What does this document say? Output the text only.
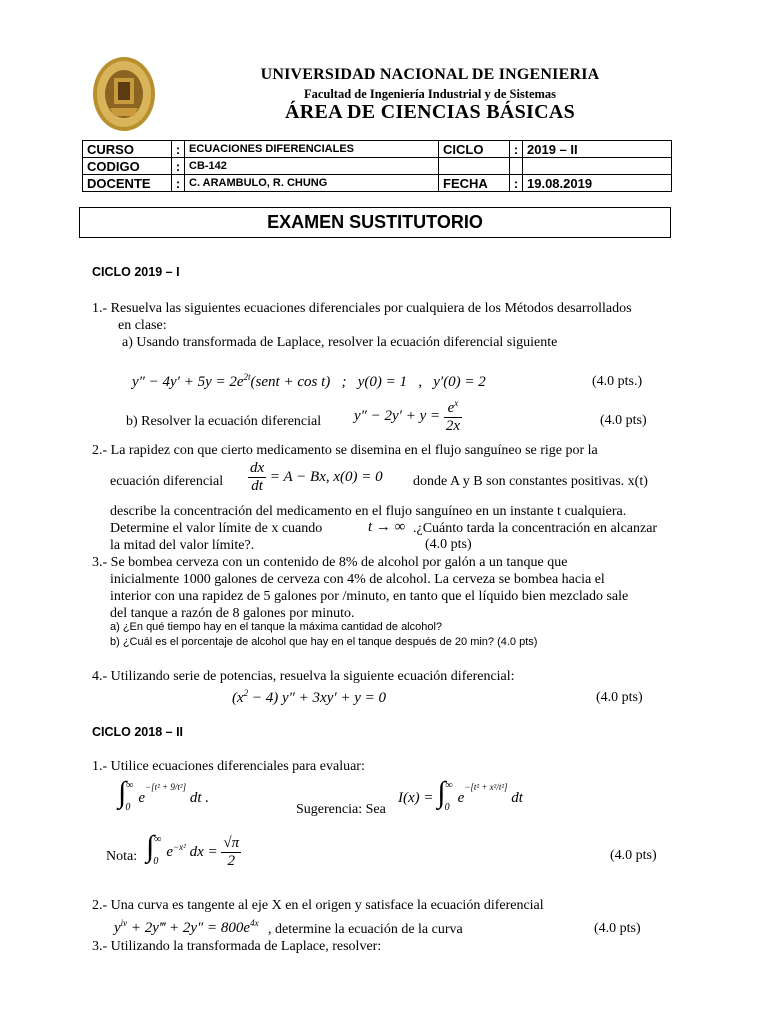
UNIVERSIDAD NACIONAL DE INGENIERIA
Facultad de Ingeniería Industrial y de Sistemas
ÁREA DE CIENCIAS BÁSICAS
CURSO	:	ECUACIONES DIFERENCIALES	CICLO	:	2019 – II
CODIGO	:	CB-142			
DOCENTE	:	C. ARAMBULO, R. CHUNG	FECHA	:	19.08.2019
EXAMEN SUSTITUTORIO
CICLO 2019 – I
1.- Resuelva las siguientes ecuaciones diferenciales por cualquiera de los Métodos desarrollados
en clase:
a) Usando transformada de Laplace, resolver la ecuación diferencial siguiente
$y'' - 4y' + 5y = 2e^{2t}(sent + \cos t)$   ;   y(0) = 1   ,   y′(0) = 2	(4.0 pts.)
b) Resolver la ecuación diferencial $y'' - 2y' + y = \frac{e^x}{2x}$	(4.0 pts)
2.- La rapidez con que cierto medicamento se disemina en el flujo sanguíneo se rige por la
ecuación diferencial $\frac{dx}{dt} = A - Bx$, x(0) = 0 donde A y B son constantes positivas. x(t)
describe la concentración del medicamento en el flujo sanguíneo en un instante t cualquiera.
Determine el valor límite de x cuando	t → ∞ .¿Cuánto tarda la concentración en alcanzar
la mitad del valor límite?.	(4.0 pts)
3.- Se bombea cerveza con un contenido de 8% de alcohol por galón a un tanque que
inicialmente 1000 galones de cerveza con 4% de alcohol. La cerveza se bombea hacia el
interior con una rapidez de 5 galones por /minuto, en tanto que el líquido bien mezclado sale
del tanque a razón de 8 galones por minuto.
a) ¿En qué tiempo hay en el tanque la máxima cantidad de alcohol?
b) ¿Cuál es el porcentaje de alcohol que hay en el tanque después de 20 min? (4.0 pts)
4.- Utilizando serie de potencias, resuelva la siguiente ecuación diferencial:
$(x^2 - 4) y'' + 3xy' + y = 0$	(4.0 pts)
CICLO 2018 – II
1.- Utilice ecuaciones diferenciales para evaluar:
$\int^\infty_0e^{-[t^2 + 9/t^2]}$ dt .
Sugerencia: Sea
$I(x) = \int^\infty_0e^{-[t^2 + x^2/t^2]}$ dt
Nota: $\int^\infty_0e^{-x^2}$ dx = $\frac{√\pi}{2}$	(4.0 pts)
2.- Una curva es tangente al eje X en el origen y satisface la ecuación diferencial
$y^{iv}$ + 2y‴ + $2y'' = 800e^{4x}$ , determine la ecuación de la curva	(4.0 pts)
3.- Utilizando la transformada de Laplace, resolver:
